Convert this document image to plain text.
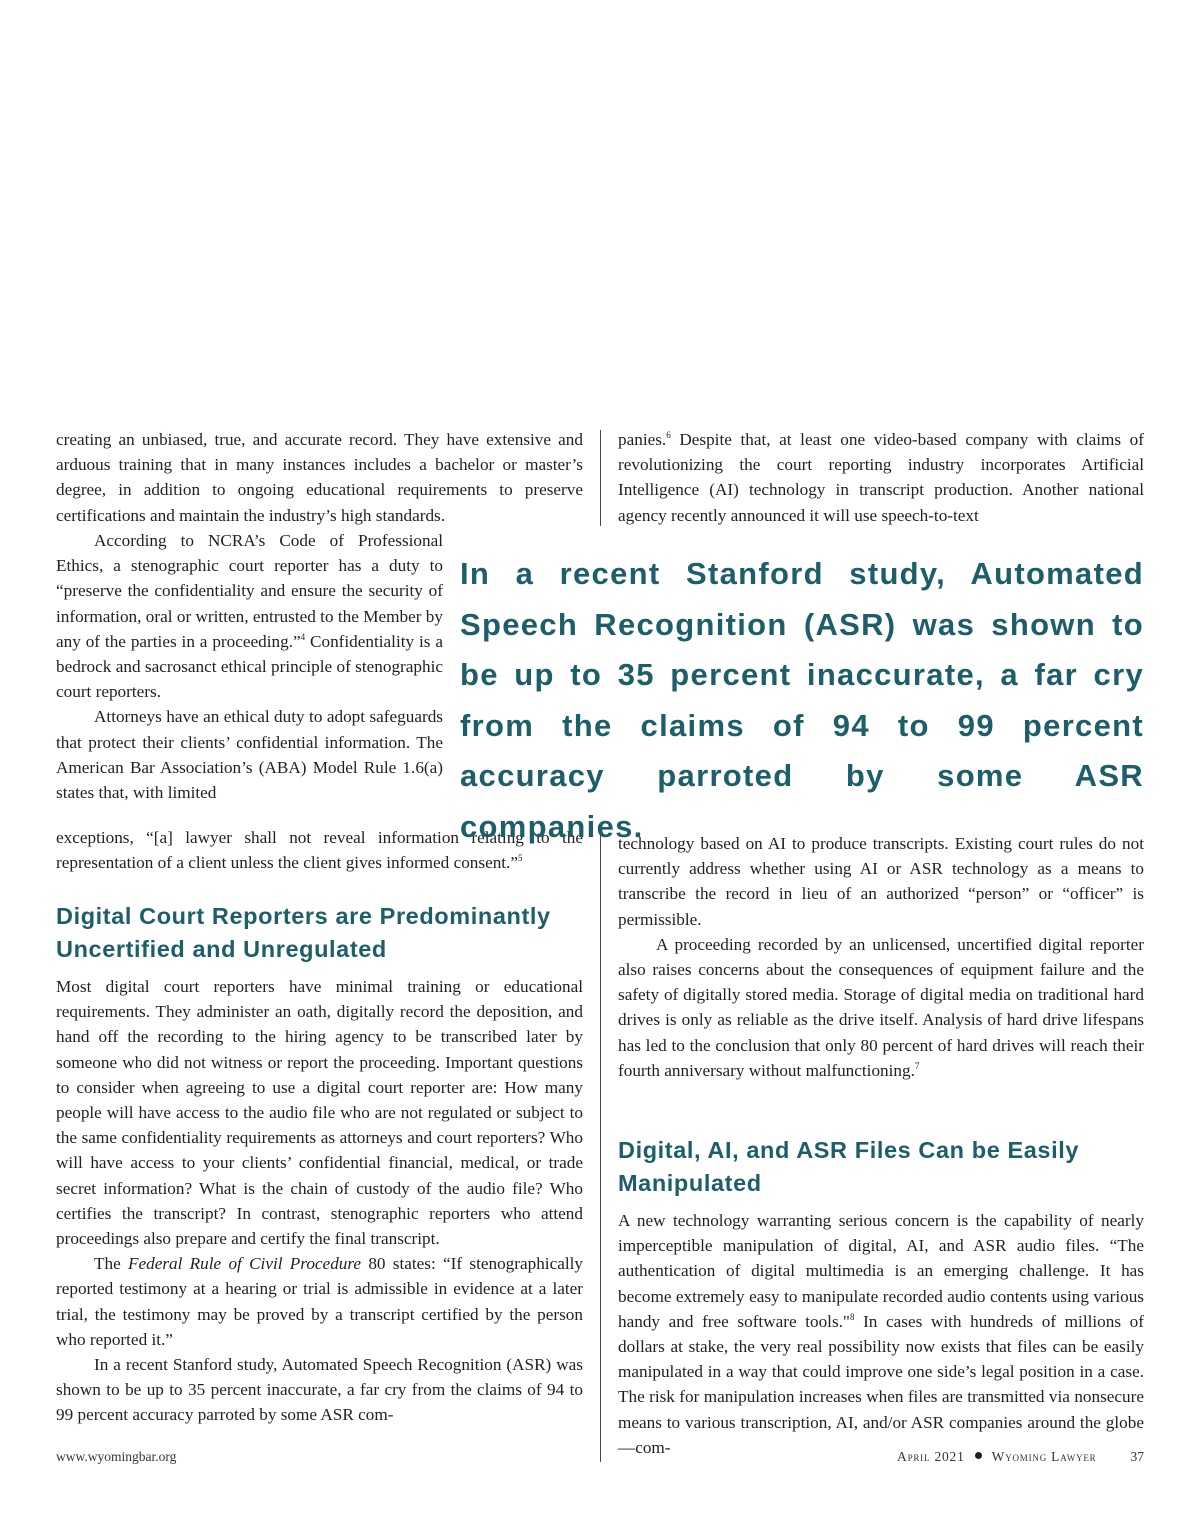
creating an unbiased, true, and accurate record. They have extensive and arduous training that in many instances includes a bachelor or master’s degree, in addition to ongoing educational requirements to preserve certifications and maintain the industry’s high standards.

According to NCRA’s Code of Professional Ethics, a stenographic court reporter has a duty to “preserve the confidentiality and ensure the security of information, oral or written, entrusted to the Member by any of the parties in a proceeding.”$^4$ Confidentiality is a bedrock and sacrosanct ethical principle of stenographic court reporters.

Attorneys have an ethical duty to adopt safeguards that protect their clients’ confidential information. The American Bar Association’s (ABA) Model Rule 1.6(a) states that, with limited

exceptions, “[a] lawyer shall not reveal information relating to the representation of a client unless the client gives informed consent.”$^5$

Digital Court Reporters are Predominantly Uncertified and Unregulated

Most digital court reporters have minimal training or educational requirements. They administer an oath, digitally record the deposition, and hand off the recording to the hiring agency to be transcribed later by someone who did not witness or report the proceeding. Important questions to consider when agreeing to use a digital court reporter are: How many people will have access to the audio file who are not regulated or subject to the same confidentiality requirements as attorneys and court reporters? Who will have access to your clients’ confidential financial, medical, or trade secret information? What is the chain of custody of the audio file? Who certifies the transcript? In contrast, stenographic reporters who attend proceedings also prepare and certify the final transcript.

The Federal Rule of Civil Procedure 80 states: “If stenographically reported testimony at a hearing or trial is admissible in evidence at a later trial, the testimony may be proved by a transcript certified by the person who reported it.”

In a recent Stanford study, Automated Speech Recognition (ASR) was shown to be up to 35 percent inaccurate, a far cry from the claims of 94 to 99 percent accuracy parroted by some ASR com-

panies.$^6$ Despite that, at least one video-based company with claims of revolutionizing the court reporting industry incorporates Artificial Intelligence (AI) technology in transcript production. Another national agency recently announced it will use speech-to-text

In a recent Stanford study, Automated Speech Recognition (ASR) was shown to be up to 35 percent inaccurate, a far cry from the claims of 94 to 99 percent accuracy parroted by some ASR companies.

technology based on AI to produce transcripts. Existing court rules do not currently address whether using AI or ASR technology as a means to transcribe the record in lieu of an authorized “person” or “officer” is permissible.

A proceeding recorded by an unlicensed, uncertified digital reporter also raises concerns about the consequences of equipment failure and the safety of digitally stored media. Storage of digital media on traditional hard drives is only as reliable as the drive itself. Analysis of hard drive lifespans has led to the conclusion that only 80 percent of hard drives will reach their fourth anniversary without malfunctioning.$^7$

Digital, AI, and ASR Files Can be Easily Manipulated

A new technology warranting serious concern is the capability of nearly imperceptible manipulation of digital, AI, and ASR audio files. “The authentication of digital multimedia is an emerging challenge. It has become extremely easy to manipulate recorded audio contents using various handy and free software tools."$^8$ In cases with hundreds of millions of dollars at stake, the very real possibility now exists that files can be easily manipulated in a way that could improve one side’s legal position in a case. The risk for manipulation increases when files are transmitted via nonsecure means to various transcription, AI, and/or ASR companies around the globe—com-

www.wyomingbar.org	April 2021 Wyoming Lawyer	37
